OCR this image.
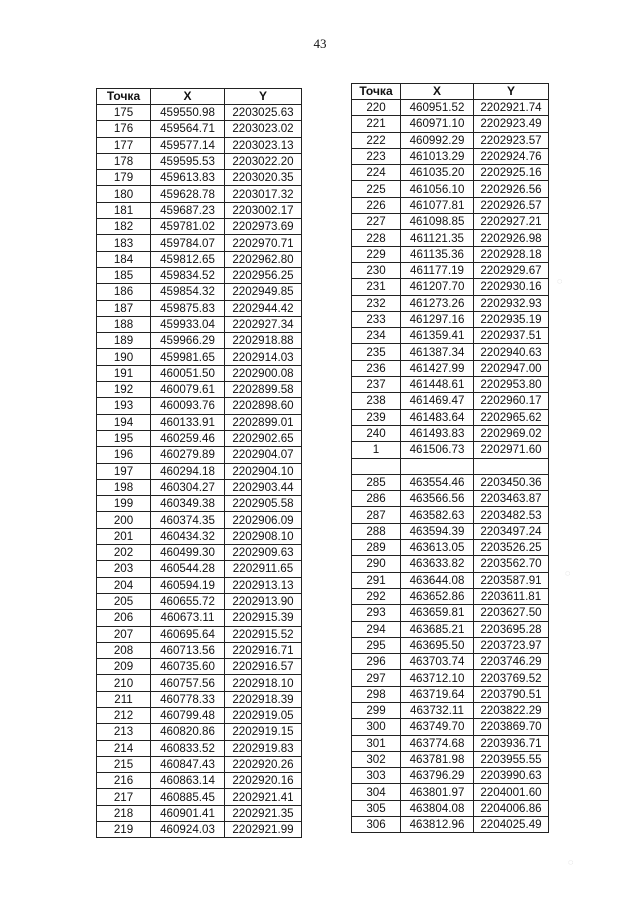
43
Точка	X	Y
175	459550.98	2203025.63
176	459564.71	2203023.02
177	459577.14	2203023.13
178	459595.53	2203022.20
179	459613.83	2203020.35
180	459628.78	2203017.32
181	459687.23	2203002.17
182	459781.02	2202973.69
183	459784.07	2202970.71
184	459812.65	2202962.80
185	459834.52	2202956.25
186	459854.32	2202949.85
187	459875.83	2202944.42
188	459933.04	2202927.34
189	459966.29	2202918.88
190	459981.65	2202914.03
191	460051.50	2202900.08
192	460079.61	2202899.58
193	460093.76	2202898.60
194	460133.91	2202899.01
195	460259.46	2202902.65
196	460279.89	2202904.07
197	460294.18	2202904.10
198	460304.27	2202903.44
199	460349.38	2202905.58
200	460374.35	2202906.09
201	460434.32	2202908.10
202	460499.30	2202909.63
203	460544.28	2202911.65
204	460594.19	2202913.13
205	460655.72	2202913.90
206	460673.11	2202915.39
207	460695.64	2202915.52
208	460713.56	2202916.71
209	460735.60	2202916.57
210	460757.56	2202918.10
211	460778.33	2202918.39
212	460799.48	2202919.05
213	460820.86	2202919.15
214	460833.52	2202919.83
215	460847.43	2202920.26
216	460863.14	2202920.16
217	460885.45	2202921.41
218	460901.41	2202921.35
219	460924.03	2202921.99
Точка	X	Y
220	460951.52	2202921.74
221	460971.10	2202923.49
222	460992.29	2202923.57
223	461013.29	2202924.76
224	461035.20	2202925.16
225	461056.10	2202926.56
226	461077.81	2202926.57
227	461098.85	2202927.21
228	461121.35	2202926.98
229	461135.36	2202928.18
230	461177.19	2202929.67
231	461207.70	2202930.16
232	461273.26	2202932.93
233	461297.16	2202935.19
234	461359.41	2202937.51
235	461387.34	2202940.63
236	461427.99	2202947.00
237	461448.61	2202953.80
238	461469.47	2202960.17
239	461483.64	2202965.62
240	461493.83	2202969.02
1	461506.73	2202971.60

285	463554.46	2203450.36
286	463566.56	2203463.87
287	463582.63	2203482.53
288	463594.39	2203497.24
289	463613.05	2203526.25
290	463633.82	2203562.70
291	463644.08	2203587.91
292	463652.86	2203611.81
293	463659.81	2203627.50
294	463685.21	2203695.28
295	463695.50	2203723.97
296	463703.74	2203746.29
297	463712.10	2203769.52
298	463719.64	2203790.51
299	463732.11	2203822.29
300	463749.70	2203869.70
301	463774.68	2203936.71
302	463781.98	2203955.55
303	463796.29	2203990.63
304	463801.97	2204001.60
305	463804.08	2204006.86
306	463812.96	2204025.49
◌
◌
◌
